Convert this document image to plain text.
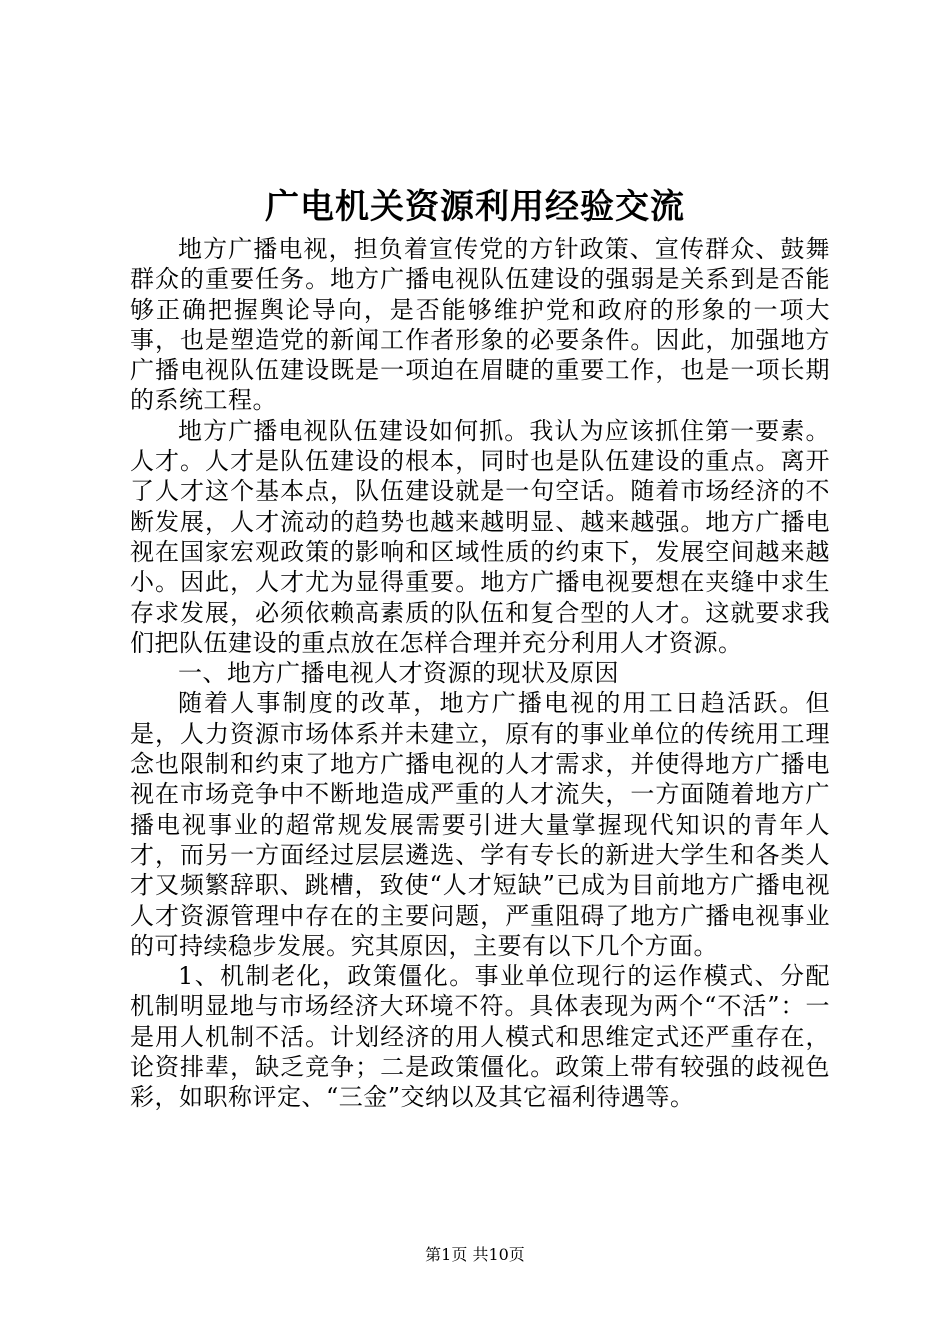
广电机关资源利用经验交流

地方广播电视，担负着宣传党的方针政策、宣传群众、鼓舞群众的重要任务。地方广播电视队伍建设的强弱是关系到是否能够正确把握舆论导向，是否能够维护党和政府的形象的一项大事，也是塑造党的新闻工作者形象的必要条件。因此，加强地方广播电视队伍建设既是一项迫在眉睫的重要工作，也是一项长期的系统工程。

地方广播电视队伍建设如何抓。我认为应该抓住第一要素。人才。人才是队伍建设的根本，同时也是队伍建设的重点。离开了人才这个基本点，队伍建设就是一句空话。随着市场经济的不断发展，人才流动的趋势也越来越明显、越来越强。地方广播电视在国家宏观政策的影响和区域性质的约束下，发展空间越来越小。因此，人才尤为显得重要。地方广播电视要想在夹缝中求生存求发展，必须依赖高素质的队伍和复合型的人才。这就要求我们把队伍建设的重点放在怎样合理并充分利用人才资源。

一、地方广播电视人才资源的现状及原因

随着人事制度的改革，地方广播电视的用工日趋活跃。但是，人力资源市场体系并未建立，原有的事业单位的传统用工理念也限制和约束了地方广播电视的人才需求，并使得地方广播电视在市场竞争中不断地造成严重的人才流失，一方面随着地方广播电视事业的超常规发展需要引进大量掌握现代知识的青年人才，而另一方面经过层层遴选、学有专长的新进大学生和各类人才又频繁辞职、跳槽，致使“人才短缺”已成为目前地方广播电视人才资源管理中存在的主要问题，严重阻碍了地方广播电视事业的可持续稳步发展。究其原因，主要有以下几个方面。

1、机制老化，政策僵化。事业单位现行的运作模式、分配机制明显地与市场经济大环境不符。具体表现为两个“不活”：一是用人机制不活。计划经济的用人模式和思维定式还严重存在，论资排辈，缺乏竞争；二是政策僵化。政策上带有较强的歧视色彩，如职称评定、“三金”交纳以及其它福利待遇等。

第1页 共10页
